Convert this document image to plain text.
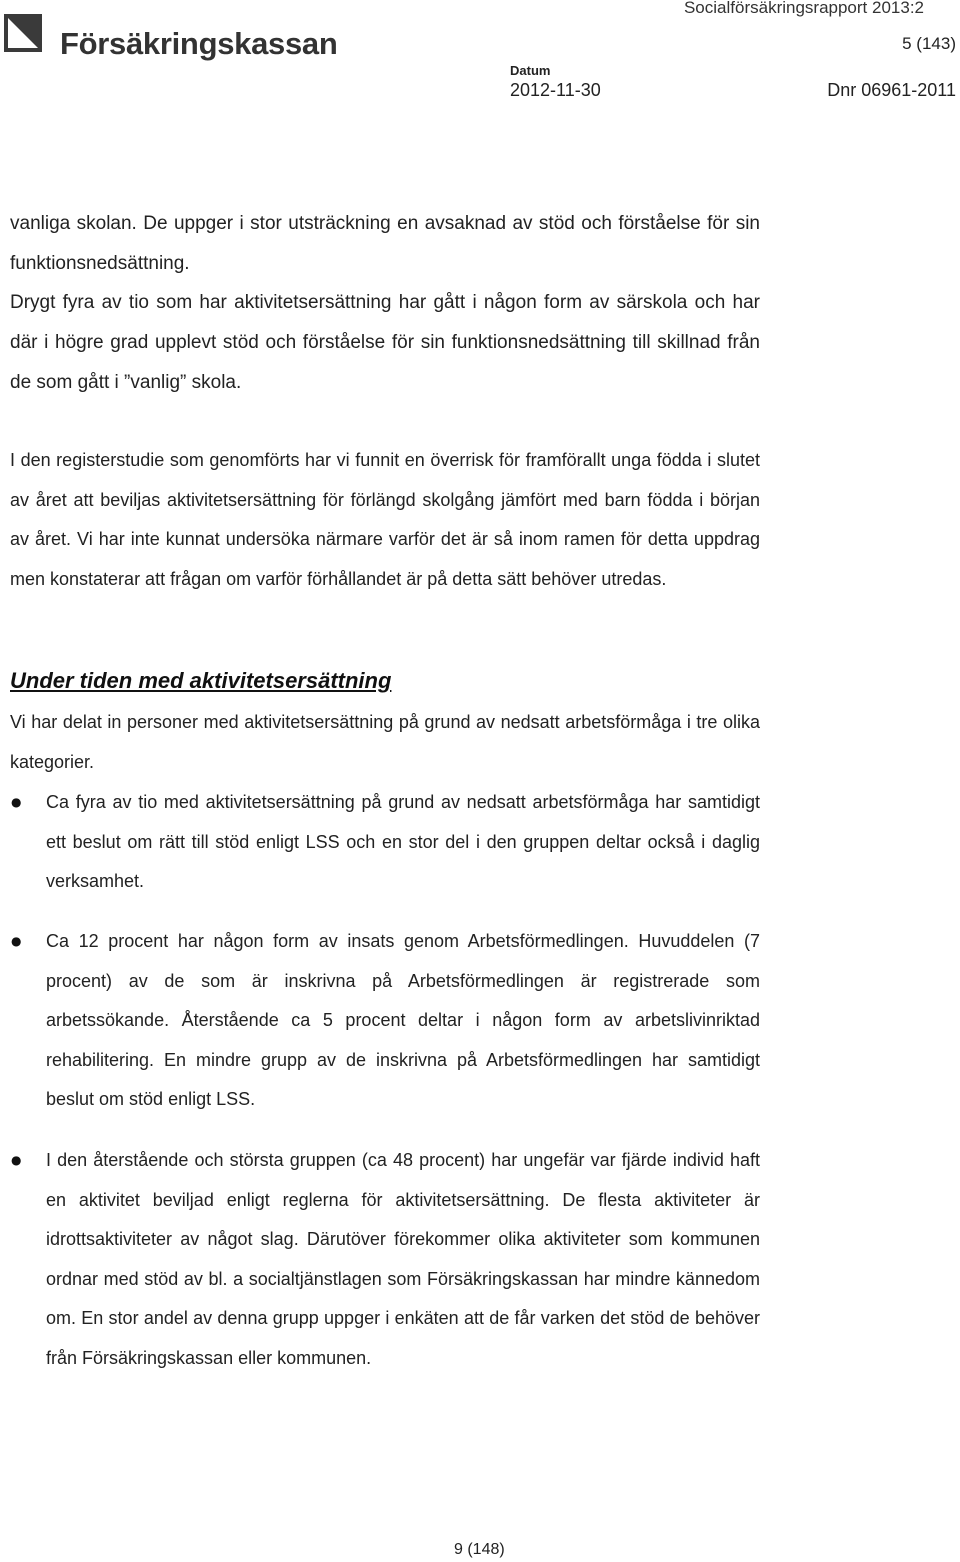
Försäkringskassan
Socialförsäkringsrapport 2013:2
5 (143)
Datum
2012-11-30	Dnr 06961-2011

vanliga skolan. De uppger i stor utsträckning en avsaknad av stöd och förståelse för sin funktionsnedsättning.

Drygt fyra av tio som har aktivitetsersättning har gått i någon form av särskola och har där i högre grad upplevt stöd och förståelse för sin funktionsnedsättning till skillnad från de som gått i ”vanlig” skola.

I den registerstudie som genomförts har vi funnit en överrisk för framförallt unga födda i slutet av året att beviljas aktivitetsersättning för förlängd skolgång jämfört med barn födda i början av året. Vi har inte kunnat undersöka närmare varför det är så inom ramen för detta uppdrag men konstaterar att frågan om varför förhållandet är på detta sätt behöver utredas.

Under tiden med aktivitetsersättning

Vi har delat in personer med aktivitetsersättning på grund av nedsatt arbetsförmåga i tre olika kategorier.

●	Ca fyra av tio med aktivitetsersättning på grund av nedsatt arbetsförmåga har samtidigt ett beslut om rätt till stöd enligt LSS och en stor del i den gruppen deltar också i daglig verksamhet.

●	Ca 12 procent har någon form av insats genom Arbetsförmedlingen. Huvuddelen (7 procent) av de som är inskrivna på Arbetsförmedlingen är registrerade som arbetssökande. Återstående ca 5 procent deltar i någon form av arbetslivinriktad rehabilitering. En mindre grupp av de inskrivna på Arbetsförmedlingen har samtidigt beslut om stöd enligt LSS.

●	I den återstående och största gruppen (ca 48 procent) har ungefär var fjärde individ haft en aktivitet beviljad enligt reglerna för aktivitetsersättning. De flesta aktiviteter är idrottsaktiviteter av något slag. Därutöver förekommer olika aktiviteter som kommunen ordnar med stöd av bl. a socialtjänstlagen som Försäkringskassan har mindre kännedom om. En stor andel av denna grupp uppger i enkäten att de får varken det stöd de behöver från Försäkringskassan eller kommunen.

9 (148)
